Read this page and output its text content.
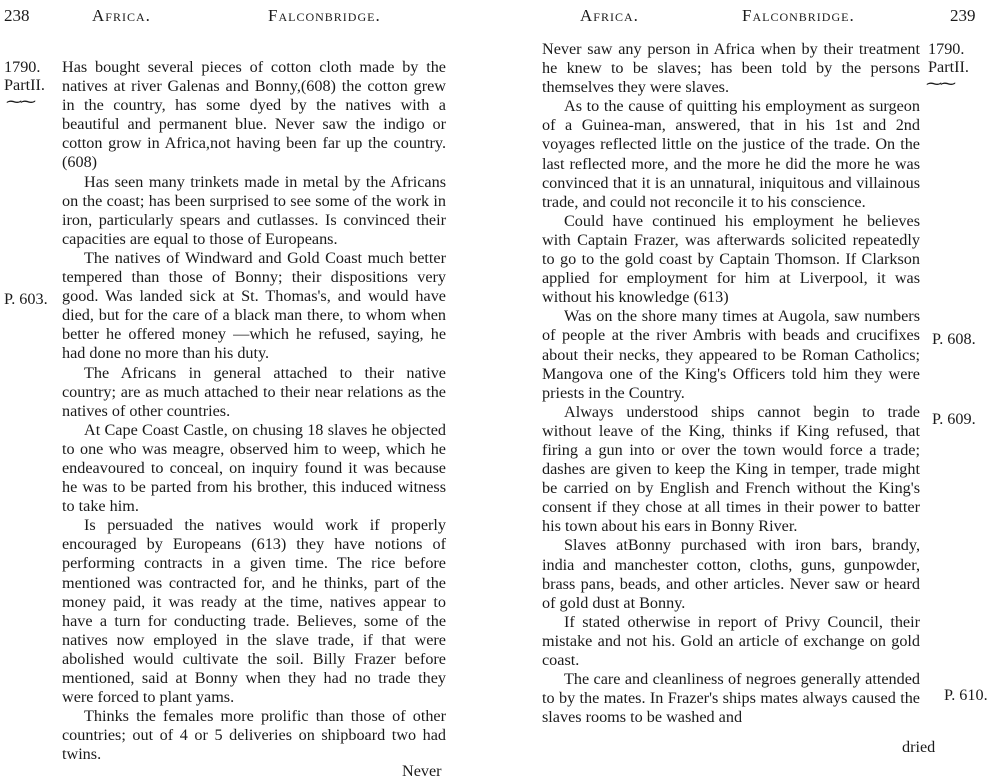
238	Africa.	Falconbridge.
1790.
PartII.
⁓⁓
P. 603.

Has bought several pieces of cotton cloth made by the natives at river Galenas and Bonny,(608) the cotton grew in the country, has some dyed by the natives with a beautiful and permanent blue. Never saw the indigo or cotton grow in Africa,not having been far up the country.(608)

Has seen many trinkets made in metal by the Africans on the coast; has been surprised to see some of the work in iron, particularly spears and cutlasses. Is convinced their capacities are equal to those of Europeans.

The natives of Windward and Gold Coast much better tempered than those of Bonny; their dispositions very good. Was landed sick at St. Thomas's, and would have died, but for the care of a black man there, to whom when better he offered money —which he refused, saying, he had done no more than his duty.

The Africans in general attached to their native country; are as much attached to their near relations as the natives of other countries.

At Cape Coast Castle, on chusing 18 slaves he objected to one who was meagre, observed him to weep, which he endeavoured to conceal, on inquiry found it was because he was to be parted from his brother, this induced witness to take him.

Is persuaded the natives would work if properly encouraged by Europeans (613) they have notions of performing contracts in a given time. The rice before mentioned was contracted for, and he thinks, part of the money paid, it was ready at the time, natives appear to have a turn for conducting trade. Believes, some of the natives now employed in the slave trade, if that were abolished would cultivate the soil. Billy Frazer before mentioned, said at Bonny when they had no trade they were forced to plant yams.

Thinks the females more prolific than those of other countries; out of 4 or 5 deliveries on shipboard two had twins.

Never
Africa.	Falconbridge.	239
1790.
PartII.
⁓⁓
P. 608.
P. 609.
P. 610.

Never saw any person in Africa when by their treatment he knew to be slaves; has been told by the persons themselves they were slaves.

As to the cause of quitting his employment as surgeon of a Guinea-man, answered, that in his 1st and 2nd voyages reflected little on the justice of the trade. On the last reflected more, and the more he did the more he was convinced that it is an unnatural, iniquitous and villainous trade, and could not reconcile it to his conscience.

Could have continued his employment he believes with Captain Frazer, was afterwards solicited repeatedly to go to the gold coast by Captain Thomson. If Clarkson applied for employment for him at Liverpool, it was without his knowledge (613)

Was on the shore many times at Augola, saw numbers of people at the river Ambris with beads and crucifixes about their necks, they appeared to be Roman Catholics; Mangova one of the King's Officers told him they were priests in the Country.

Always understood ships cannot begin to trade without leave of the King, thinks if King refused, that firing a gun into or over the town would force a trade; dashes are given to keep the King in temper, trade might be carried on by English and French without the King's consent if they chose at all times in their power to batter his town about his ears in Bonny River.

Slaves atBonny purchased with iron bars, brandy, india and manchester cotton, cloths, guns, gunpowder, brass pans, beads, and other articles. Never saw or heard of gold dust at Bonny.

If stated otherwise in report of Privy Council, their mistake and not his. Gold an article of exchange on gold coast.

The care and cleanliness of negroes generally attended to by the mates. In Frazer's ships mates always caused the slaves rooms to be washed and

dried
